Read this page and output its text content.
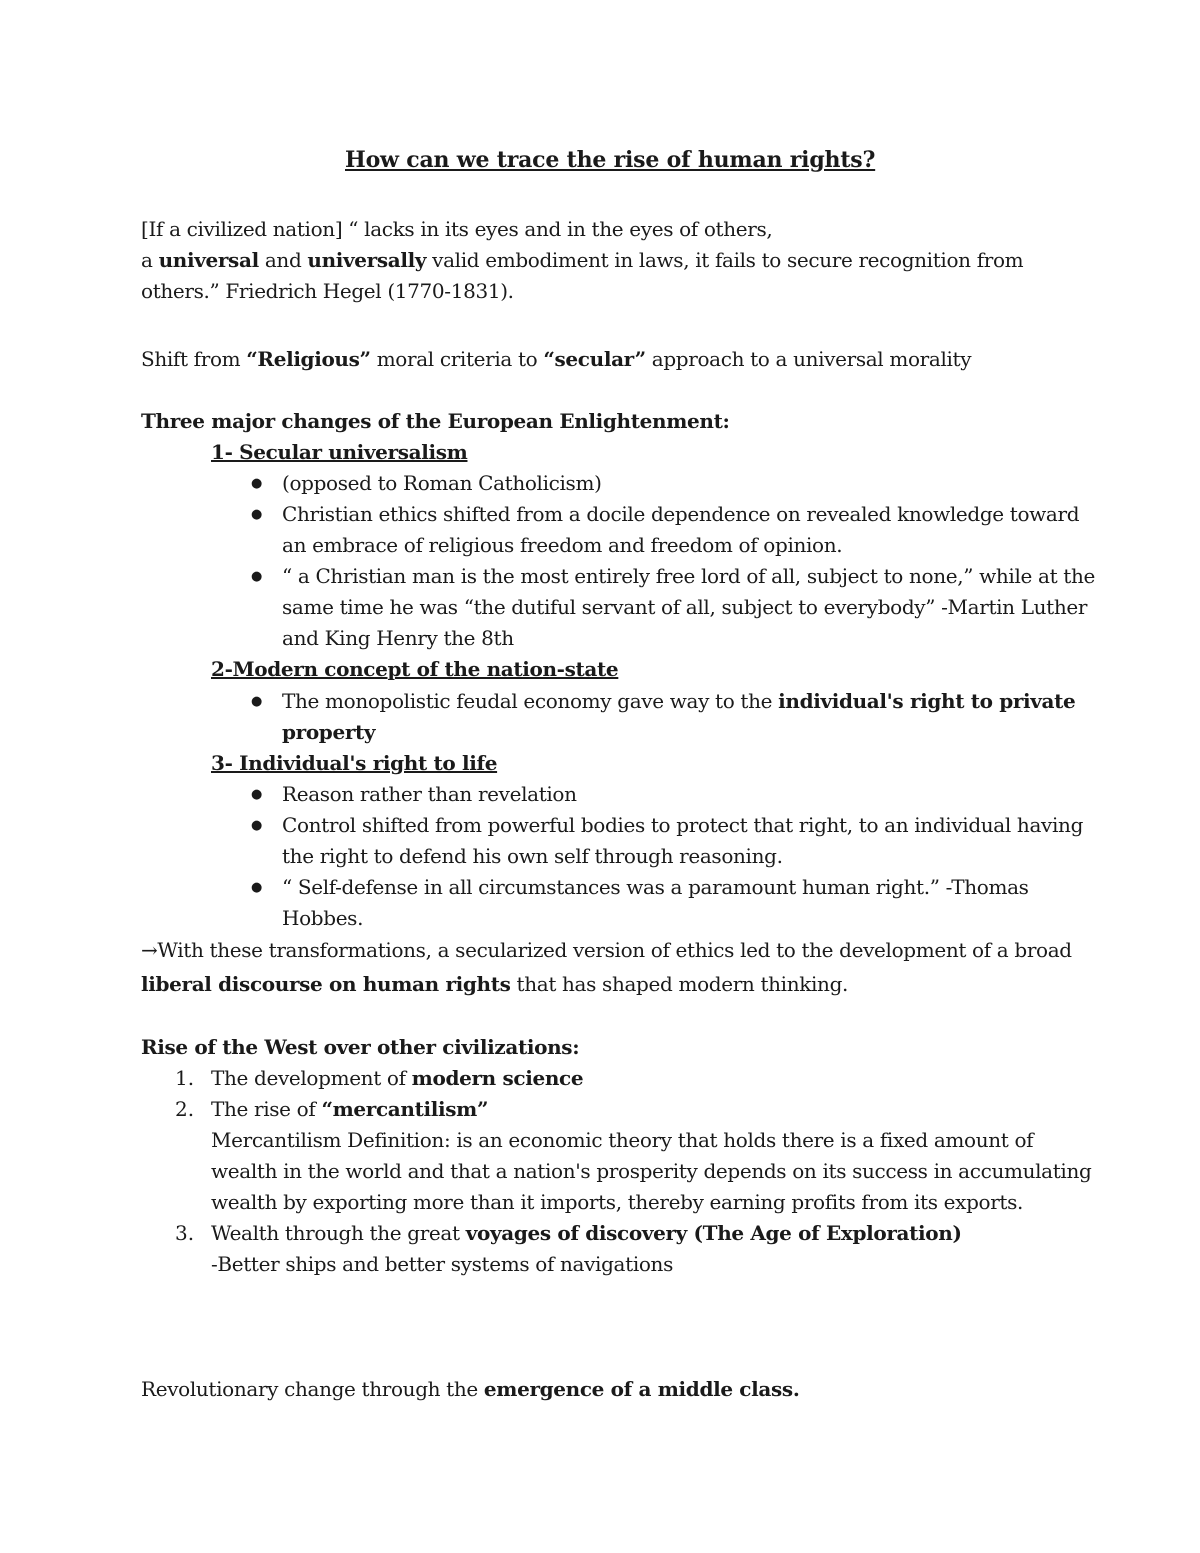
How can we trace the rise of human rights?
[If a civilized nation] “ lacks in its eyes and in the eyes of others,
a universal and universally valid embodiment in laws, it fails to secure recognition from
others.” Friedrich Hegel (1770-1831).
Shift from “Religious” moral criteria to “secular” approach to a universal morality
Three major changes of the European Enlightenment:
1- Secular universalism
● (opposed to Roman Catholicism)
● Christian ethics shifted from a docile dependence on revealed knowledge toward
an embrace of religious freedom and freedom of opinion.
● “ a Christian man is the most entirely free lord of all, subject to none,” while at the
same time he was “the dutiful servant of all, subject to everybody” -Martin Luther
and King Henry the 8th
2-Modern concept of the nation-state
● The monopolistic feudal economy gave way to the individual's right to private
property
3- Individual's right to life
● Reason rather than revelation
● Control shifted from powerful bodies to protect that right, to an individual having
the right to defend his own self through reasoning.
● “ Self-defense in all circumstances was a paramount human right.” -Thomas
Hobbes.
→With these transformations, a secularized version of ethics led to the development of a broad
liberal discourse on human rights that has shaped modern thinking.
Rise of the West over other civilizations:
1. The development of modern science
2. The rise of “mercantilism”
Mercantilism Definition: is an economic theory that holds there is a fixed amount of
wealth in the world and that a nation's prosperity depends on its success in accumulating
wealth by exporting more than it imports, thereby earning profits from its exports.
3. Wealth through the great voyages of discovery (The Age of Exploration)
-Better ships and better systems of navigations
Revolutionary change through the emergence of a middle class.
